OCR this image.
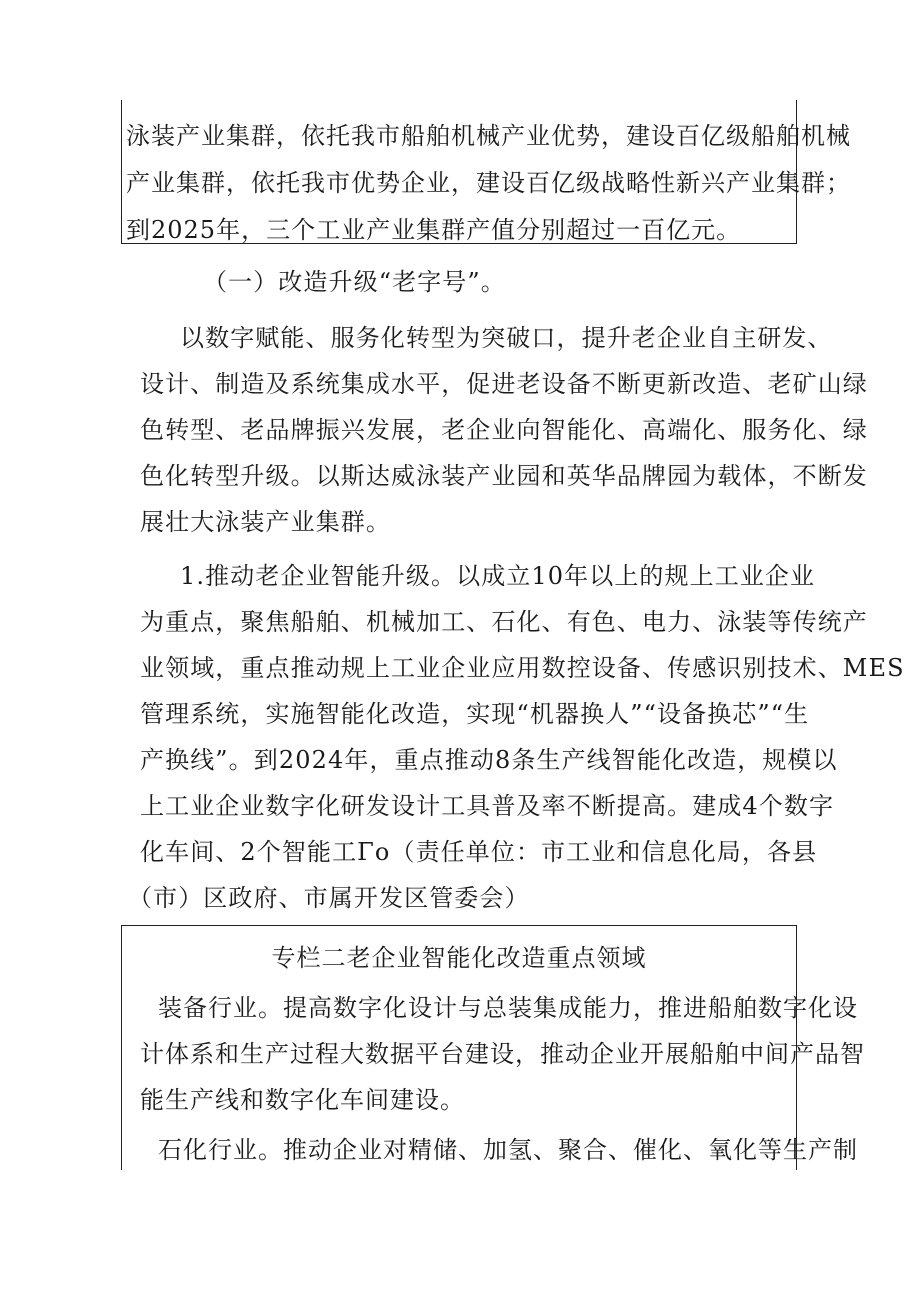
泳装产业集群，依托我市船舶机械产业优势，建设百亿级船舶机械
产业集群，依托我市优势企业，建设百亿级战略性新兴产业集群；
到2025年，三个工业产业集群产值分别超过一百亿元。
（一）改造升级“老字号”。
以数字赋能、服务化转型为突破口，提升老企业自主研发、
设计、制造及系统集成水平，促进老设备不断更新改造、老矿山绿
色转型、老品牌振兴发展，老企业向智能化、高端化、服务化、绿
色化转型升级。以斯达威泳装产业园和英华品牌园为载体，不断发
展壮大泳装产业集群。
1.推动老企业智能升级。以成立10年以上的规上工业企业
为重点，聚焦船舶、机械加工、石化、有色、电力、泳装等传统产
业领域，重点推动规上工业企业应用数控设备、传感识别技术、MES
管理系统，实施智能化改造，实现“机器换人”“设备换芯”“生
产换线”。到2024年，重点推动8条生产线智能化改造，规模以
上工业企业数字化研发设计工具普及率不断提高。建成4个数字
化车间、2个智能工Γo（责任单位：市工业和信息化局，各县
（市）区政府、市属开发区管委会）
专栏二老企业智能化改造重点领域
装备行业。提高数字化设计与总装集成能力，推进船舶数字化设
计体系和生产过程大数据平台建设，推动企业开展船舶中间产品智
能生产线和数字化车间建设。
石化行业。推动企业对精储、加氢、聚合、催化、氧化等生产制
